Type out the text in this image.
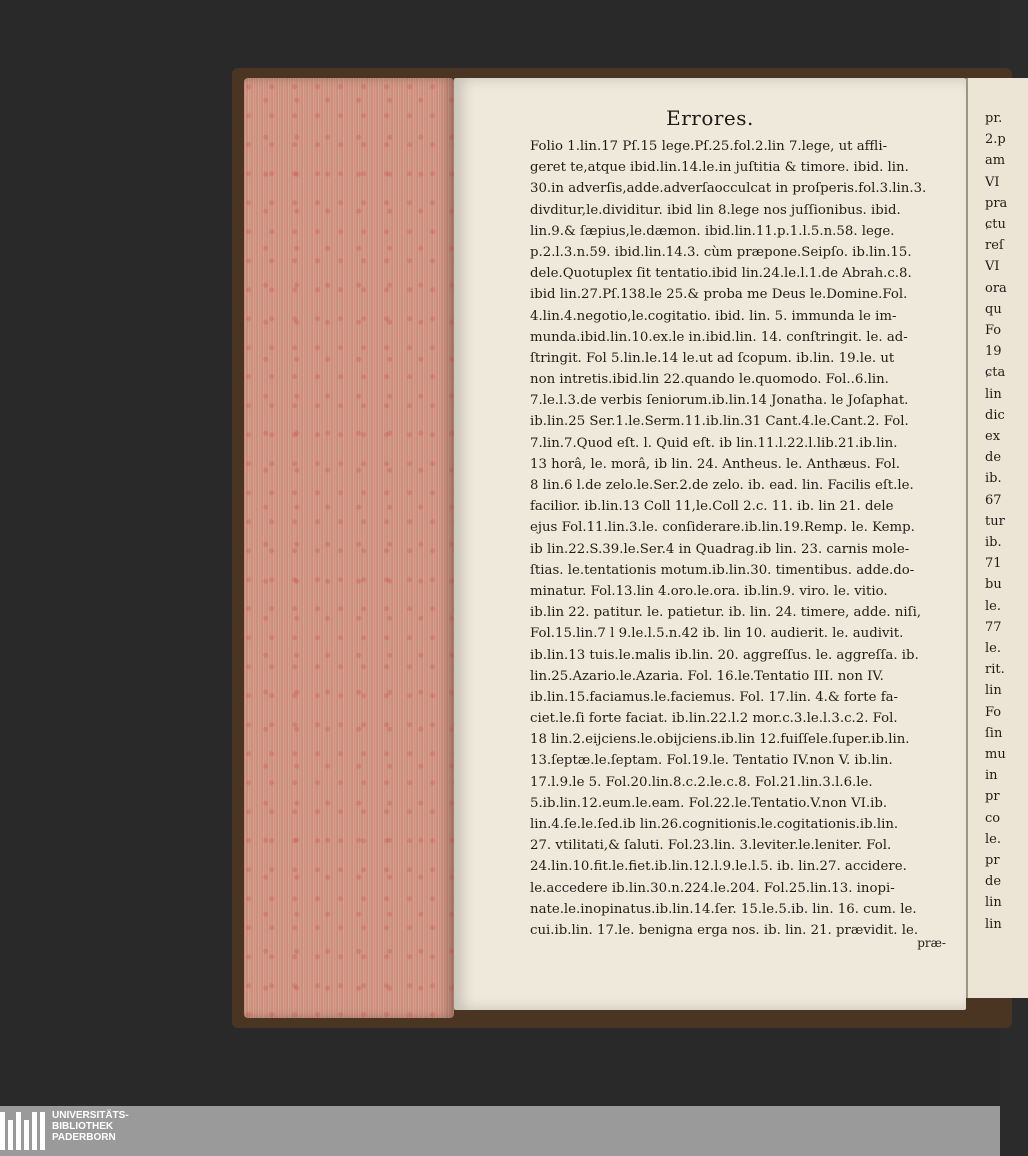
Errores.
Folio 1.lin.17 Pſ.15 lege.Pſ.25.fol.2.lin 7.lege, ut affli-
geret te,atque ibid.lin.14.le.in juſtitia & timore. ibid. lin.
30.in adverſis,adde.adverſaocculcat in proſperis.fol.3.lin.3.
divditur,le.dividitur. ibid lin 8.lege nos juſſionibus. ibid.
lin.9.& ſæpius,le.dæmon. ibid.lin.11.p.1.l.5.n.58. lege.
p.2.l.3.n.59. ibid.lin.14.3. cùm præpone.Seipſo. ib.lin.15.
dele.Quotuplex ſit tentatio.ibid lin.24.le.l.1.de Abrah.c.8.
ibid lin.27.Pſ.138.le 25.& proba me Deus le.Domine.Fol.
4.lin.4.negotio,le.cogitatio. ibid. lin. 5. immunda le im-
munda.ibid.lin.10.ex.le in.ibid.lin. 14. conſtringit. le. ad-
ſtringit. Fol 5.lin.le.14 le.ut ad ſcopum. ib.lin. 19.le. ut
non intretis.ibid.lin 22.quando le.quomodo. Fol..6.lin.
7.le.l.3.de verbis ſeniorum.ib.lin.14 Jonatha. le Joſaphat.
ib.lin.25 Ser.1.le.Serm.11.ib.lin.31 Cant.4.le.Cant.2. Fol.
7.lin.7.Quod eſt. l. Quid eſt. ib lin.11.l.22.l.lib.21.ib.lin.
13 horâ, le. morâ, ib lin. 24. Antheus. le. Anthæus. Fol.
8 lin.6 l.de zelo.le.Ser.2.de zelo. ib. ead. lin. Facilis eſt.le.
facilior. ib.lin.13 Coll 11,le.Coll 2.c. 11. ib. lin 21. dele
ejus Fol.11.lin.3.le. conſiderare.ib.lin.19.Remp. le. Kemp.
ib lin.22.S.39.le.Ser.4 in Quadrag.ib lin. 23. carnis mole-
ſtias. le.tentationis motum.ib.lin.30. timentibus. adde.do-
minatur. Fol.13.lin 4.oro.le.ora. ib.lin.9. viro. le. vitio.
ib.lin 22. patitur. le. patietur. ib. lin. 24. timere, adde. niſi,
Fol.15.lin.7 l 9.le.l.5.n.42 ib. lin 10. audierit. le. audivit.
ib.lin.13 tuis.le.malis ib.lin. 20. aggreſſus. le. aggreſſa. ib.
lin.25.Azario.le.Azaria. Fol. 16.le.Tentatio III. non IV.
ib.lin.15.faciamus.le.faciemus. Fol. 17.lin. 4.& forte fa-
ciet.le.ſi forte faciat. ib.lin.22.l.2 mor.c.3.le.l.3.c.2. Fol.
18 lin.2.eijciens.le.obijciens.ib.lin 12.fuiſſele.ſuper.ib.lin.
13.ſeptæ.le.ſeptam. Fol.19.le. Tentatio IV.non V. ib.lin.
17.l.9.le 5. Fol.20.lin.8.c.2.le.c.8. Fol.21.lin.3.l.6.le.
5.ib.lin.12.eum.le.eam. Fol.22.le.Tentatio.V.non VI.ib.
lin.4.ſe.le.ſed.ib lin.26.cognitionis.le.cogitationis.ib.lin.
27. vtilitati,& ſaluti. Fol.23.lin. 3.leviter.le.leniter. Fol.
24.lin.10.fit.le.fiet.ib.lin.12.l.9.le.l.5. ib. lin.27. accidere.
le.accedere ib.lin.30.n.224.le.204. Fol.25.lin.13. inopi-
nate.le.inopinatus.ib.lin.14.ſer. 15.le.5.ib. lin. 16. cum. le.
cui.ib.lin. 17.le. benigna erga nos. ib. lin. 21. prævidit. le.
præ-
pr.
2.p
am
VI
pra
ɕtu
reſ
VI
ora
qu
Fo
19
ɕta
lin
dic
ex
de
ib.
67
tur
ib.
71
bu
le.
77
le.
rit.
lin
Fo
ſin
mu
in
pr
co
le.
pr
de
lin
lin
UNIVERSITÄTS-
BIBLIOTHEK
PADERBORN
